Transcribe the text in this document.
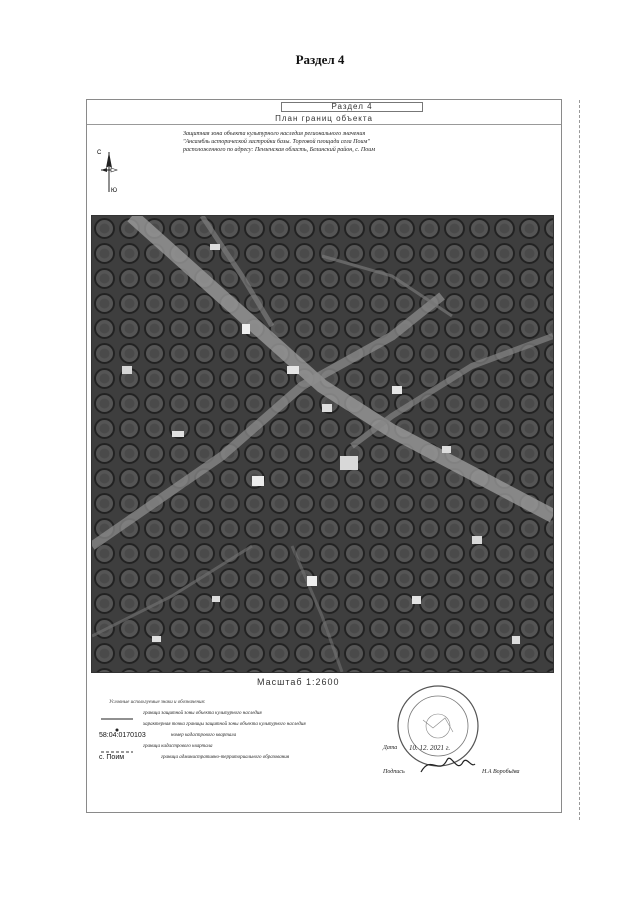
Раздел 4
Раздел 4
План границ объекта
Защитная зона объекта культурного наследия регионального значения
"Ансамбль исторической застройки базы. Торговой площади села Поим"
расположенного по адресу: Пензенская область, Белинский район, с. Поим
С
Ю
Масштаб 1:2600
Условные используемые знаки и обозначения:
граница защитной зоны объекта культурного наследия
характерная точка границы защитной зоны объекта культурного наследия
58:04:0170103	номер кадастрового квартала
граница кадастрового квартала
с. Поим	граница административно-территориального образования
Дата 10. 12. 2021 г.
Подпись	Н.А Воробьёва
